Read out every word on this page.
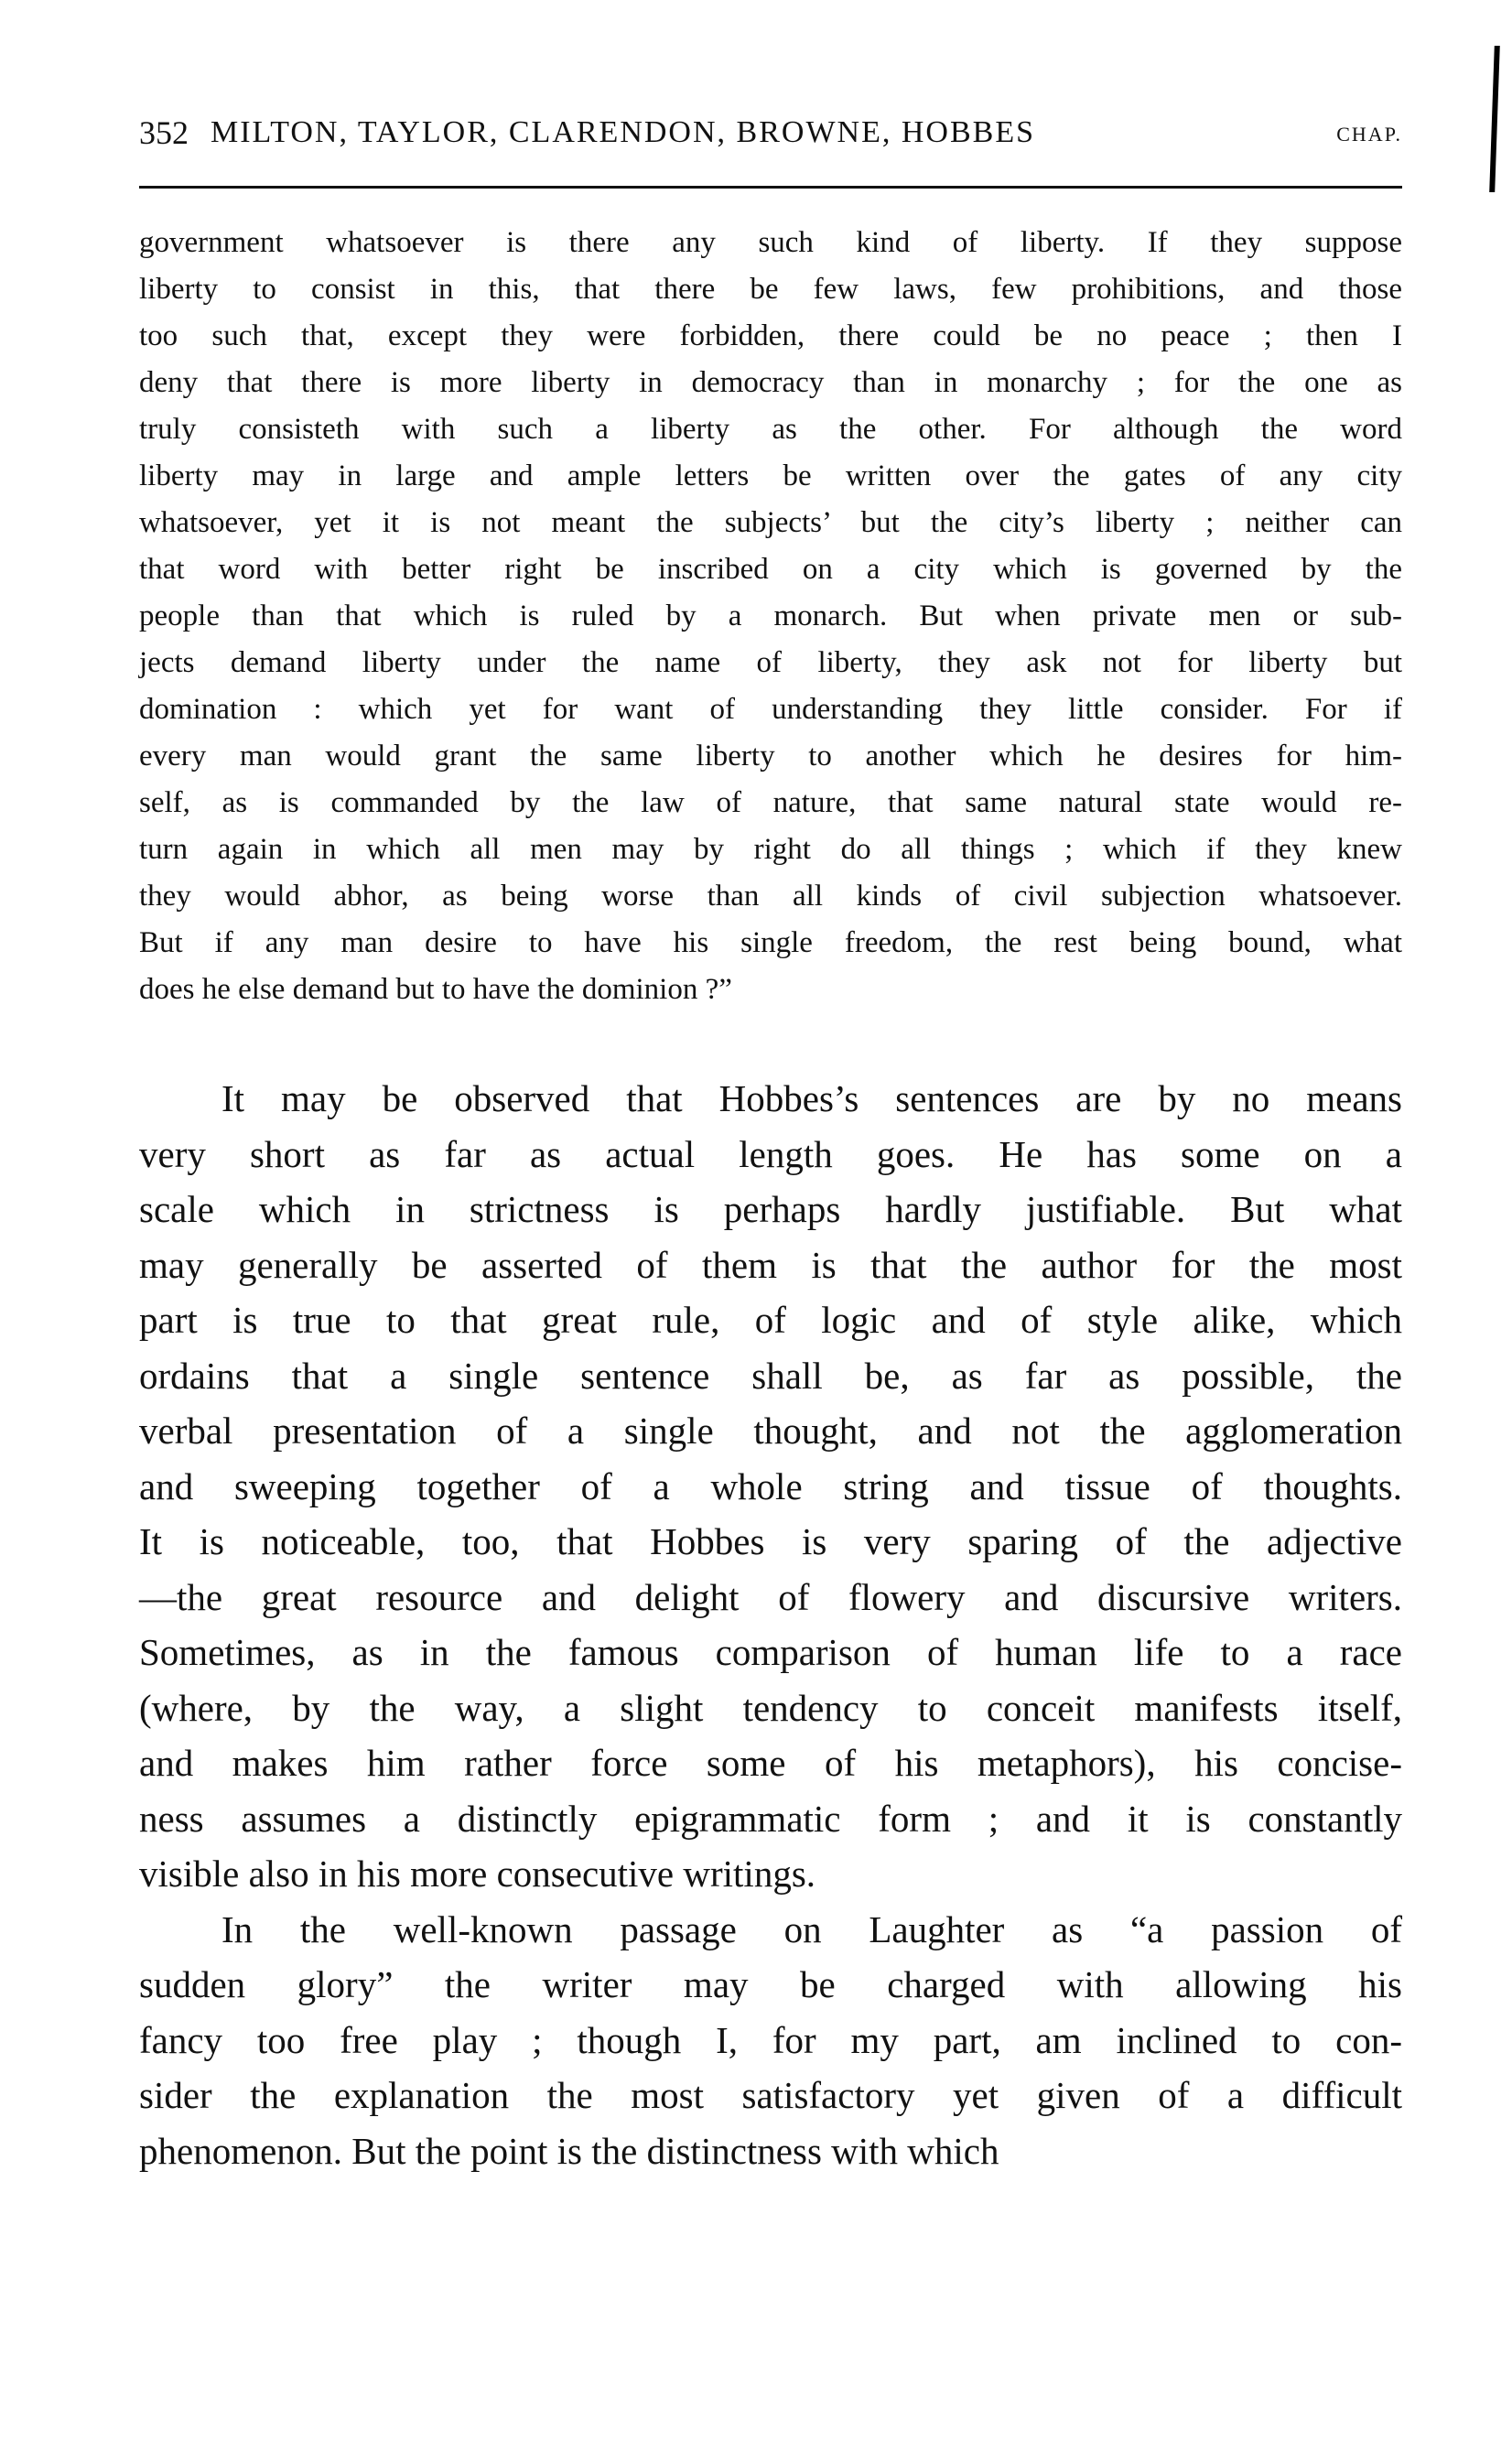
352 MILTON, TAYLOR, CLARENDON, BROWNE, HOBBES	CHAP.
government whatsoever is there any such kind of liberty. If they suppose
liberty to consist in this, that there be few laws, few prohibitions, and those
too such that, except they were forbidden, there could be no peace ; then I
deny that there is more liberty in democracy than in monarchy ; for the one as
truly consisteth with such a liberty as the other. For although the word
liberty may in large and ample letters be written over the gates of any city
whatsoever, yet it is not meant the subjects’ but the city’s liberty ; neither can
that word with better right be inscribed on a city which is governed by the
people than that which is ruled by a monarch. But when private men or sub-
jects demand liberty under the name of liberty, they ask not for liberty but
domination : which yet for want of understanding they little consider. For if
every man would grant the same liberty to another which he desires for him-
self, as is commanded by the law of nature, that same natural state would re-
turn again in which all men may by right do all things ; which if they knew
they would abhor, as being worse than all kinds of civil subjection whatsoever.
But if any man desire to have his single freedom, the rest being bound, what
does he else demand but to have the dominion ?”
It may be observed that Hobbes’s sentences are by no means
very short as far as actual length goes. He has some on a
scale which in strictness is perhaps hardly justifiable. But what
may generally be asserted of them is that the author for the most
part is true to that great rule, of logic and of style alike, which
ordains that a single sentence shall be, as far as possible, the
verbal presentation of a single thought, and not the agglomeration
and sweeping together of a whole string and tissue of thoughts.
It is noticeable, too, that Hobbes is very sparing of the adjective
—the great resource and delight of flowery and discursive writers.
Sometimes, as in the famous comparison of human life to a race
(where, by the way, a slight tendency to conceit manifests itself,
and makes him rather force some of his metaphors), his concise-
ness assumes a distinctly epigrammatic form ; and it is constantly
visible also in his more consecutive writings.
In the well-known passage on Laughter as “a passion of
sudden glory” the writer may be charged with allowing his
fancy too free play ; though I, for my part, am inclined to con-
sider the explanation the most satisfactory yet given of a difficult
phenomenon. But the point is the distinctness with which
